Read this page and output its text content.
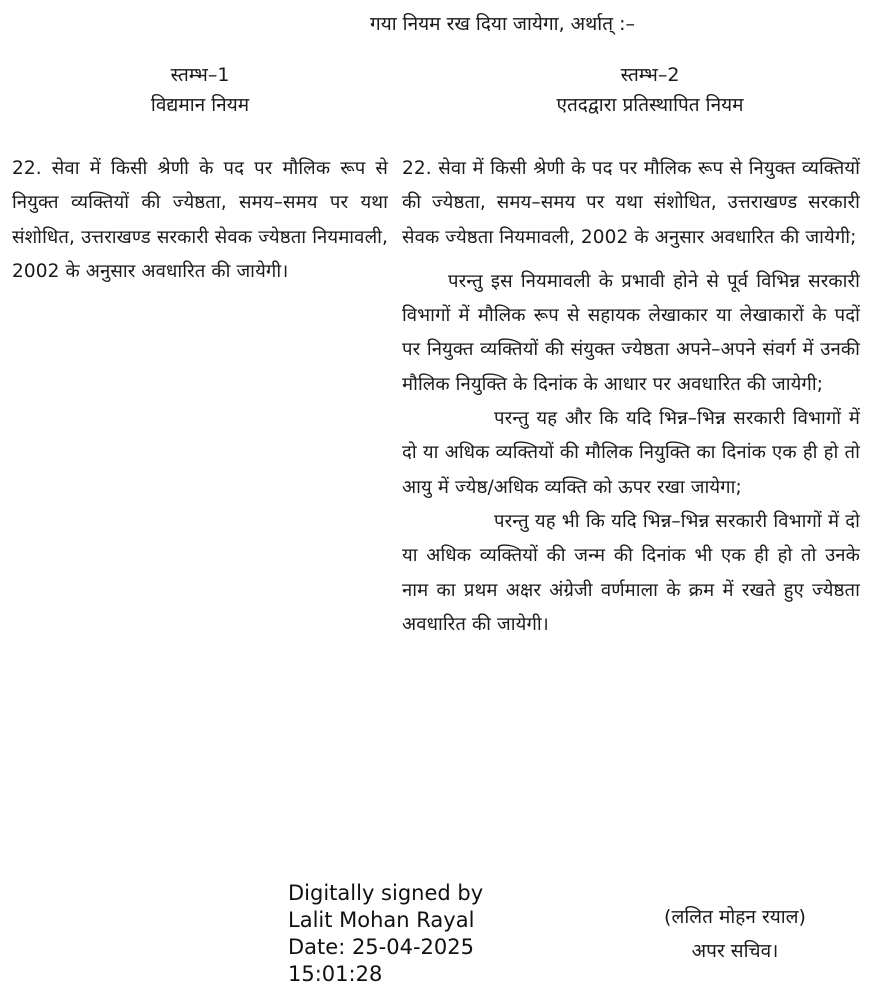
गया नियम रख दिया जायेगा, अर्थात् :–
स्तम्भ–1
विद्यमान नियम
स्तम्भ–2
एतदद्वारा प्रतिस्थापित नियम

22. सेवा में किसी श्रेणी के पद पर मौलिक रूप से नियुक्त व्यक्तियों की ज्येष्ठता, समय–समय पर यथा संशोधित, उत्तराखण्ड सरकारी सेवक ज्येष्ठता नियमावली, 2002 के अनुसार अवधारित की जायेगी।

22. सेवा में किसी श्रेणी के पद पर मौलिक रूप से नियुक्त व्यक्तियों की ज्येष्ठता, समय–समय पर यथा संशोधित, उत्तराखण्ड सरकारी सेवक ज्येष्ठता नियमावली, 2002 के अनुसार अवधारित की जायेगी;

परन्तु इस नियमावली के प्रभावी होने से पूर्व विभिन्न सरकारी विभागों में मौलिक रूप से सहायक लेखाकार या लेखाकारों के पदों पर नियुक्त व्यक्तियों की संयुक्त ज्येष्ठता अपने–अपने संवर्ग में उनकी मौलिक नियुक्ति के दिनांक के आधार पर अवधारित की जायेगी;

परन्तु यह और कि यदि भिन्न–भिन्न सरकारी विभागों में दो या अधिक व्यक्तियों की मौलिक नियुक्ति का दिनांक एक ही हो तो आयु में ज्येष्ठ/अधिक व्यक्ति को ऊपर रखा जायेगा;

परन्तु यह भी कि यदि भिन्न–भिन्न सरकारी विभागों में दो या अधिक व्यक्तियों की जन्म की दिनांक भी एक ही हो तो उनके नाम का प्रथम अक्षर अंग्रेजी वर्णमाला के क्रम में रखते हुए ज्येष्ठता अवधारित की जायेगी।

Digitally signed by
Lalit Mohan Rayal
Date: 25-04-2025
15:01:28
(ललित मोहन रयाल)
अपर सचिव।
